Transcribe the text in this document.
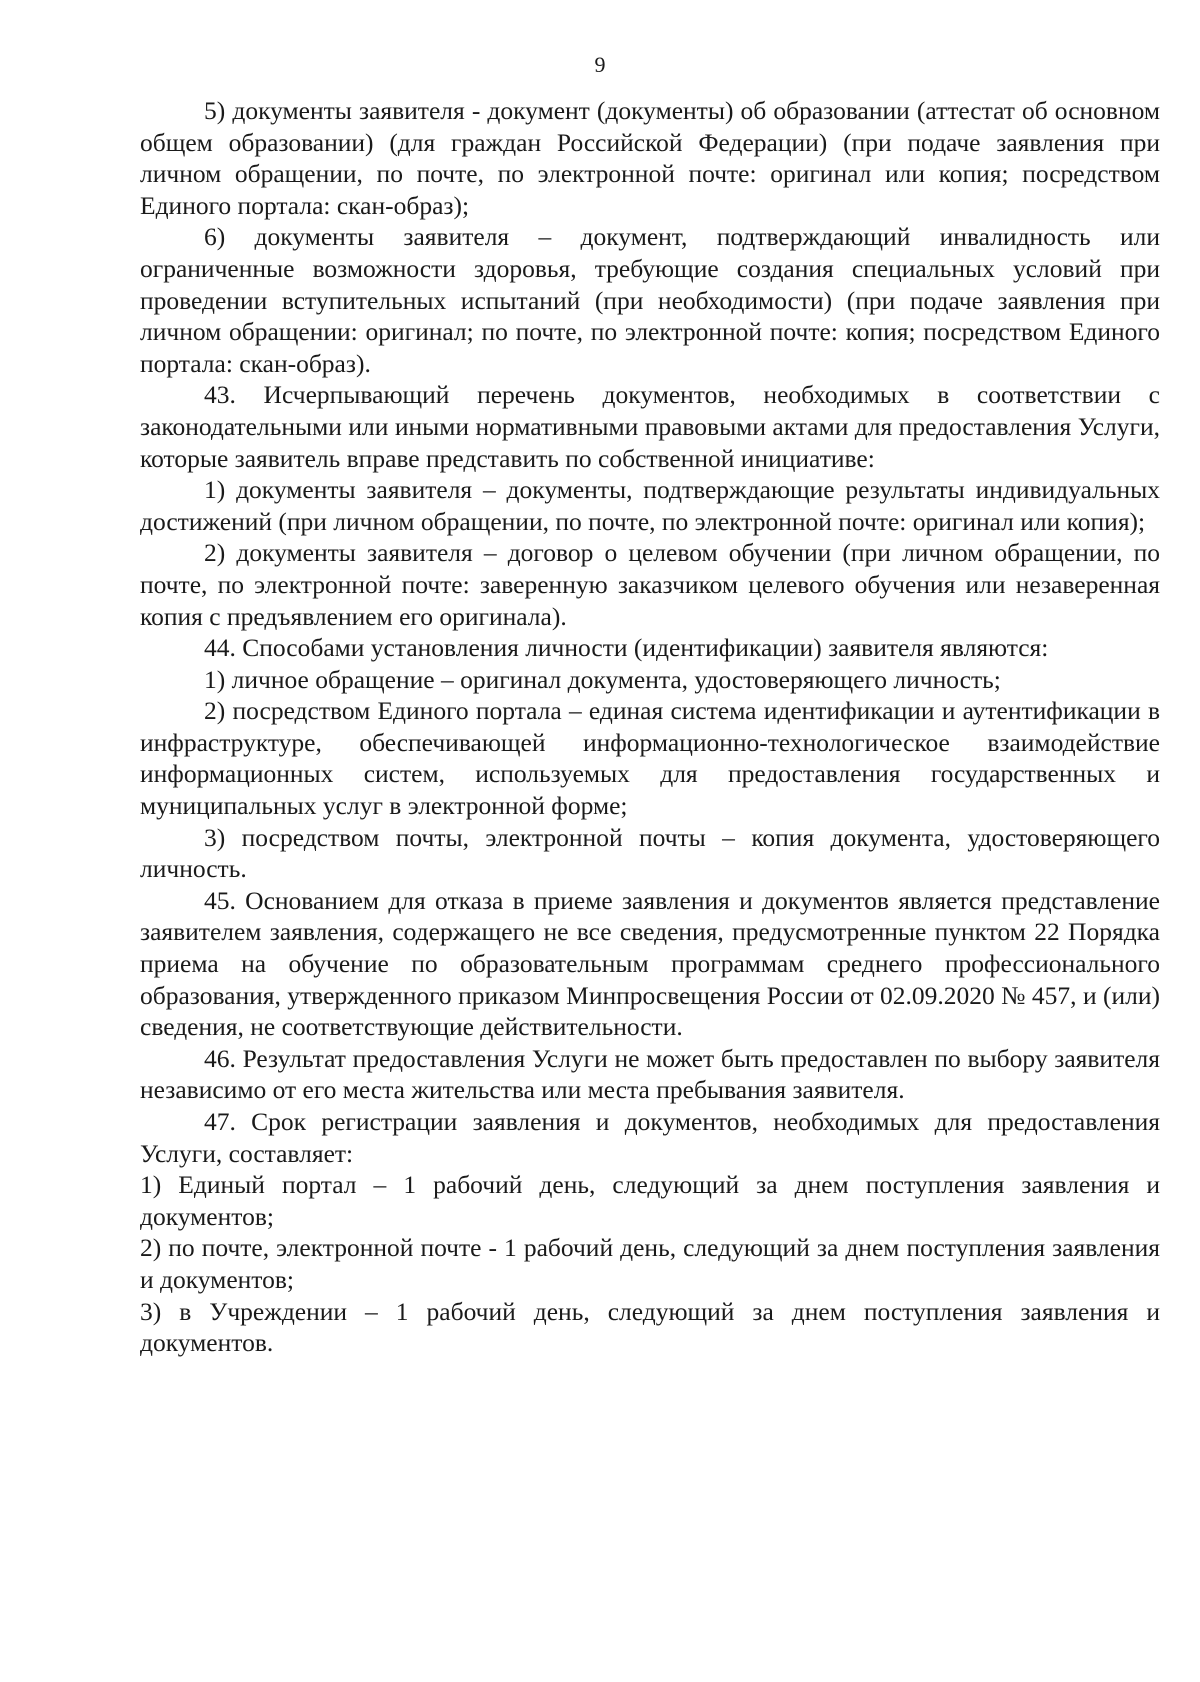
9

5) документы заявителя - документ (документы) об образовании (аттестат об основном общем образовании) (для граждан Российской Федерации) (при подаче заявления при личном обращении, по почте, по электронной почте: оригинал или копия; посредством Единого портала: скан-образ);

6) документы заявителя – документ, подтверждающий инвалидность или ограниченные возможности здоровья, требующие создания специальных условий при проведении вступительных испытаний (при необходимости) (при подаче заявления при личном обращении: оригинал; по почте, по электронной почте: копия; посредством Единого портала: скан-образ).

43. Исчерпывающий перечень документов, необходимых в соответствии с законодательными или иными нормативными правовыми актами для предоставления Услуги, которые заявитель вправе представить по собственной инициативе:

1) документы заявителя – документы, подтверждающие результаты индивидуальных достижений (при личном обращении, по почте, по электронной почте: оригинал или копия);

2) документы заявителя – договор о целевом обучении (при личном обращении, по почте, по электронной почте: заверенную заказчиком целевого обучения или незаверенная копия с предъявлением его оригинала).

44. Способами установления личности (идентификации) заявителя являются:

1) личное обращение – оригинал документа, удостоверяющего личность;

2) посредством Единого портала – единая система идентификации и аутентификации в инфраструктуре, обеспечивающей информационно-технологическое взаимодействие информационных систем, используемых для предоставления государственных и муниципальных услуг в электронной форме;

3) посредством почты, электронной почты – копия документа, удостоверяющего личность.

45. Основанием для отказа в приеме заявления и документов является представление заявителем заявления, содержащего не все сведения, предусмотренные пунктом 22 Порядка приема на обучение по образовательным программам среднего профессионального образования, утвержденного приказом Минпросвещения России от 02.09.2020 № 457, и (или) сведения, не соответствующие действительности.

46. Результат предоставления Услуги не может быть предоставлен по выбору заявителя независимо от его места жительства или места пребывания заявителя.

47. Срок регистрации заявления и документов, необходимых для предоставления Услуги, составляет:

1) Единый портал – 1 рабочий день, следующий за днем поступления заявления и документов;

2) по почте, электронной почте - 1 рабочий день, следующий за днем поступления заявления и документов;

3) в Учреждении – 1 рабочий день, следующий за днем поступления заявления и документов.
